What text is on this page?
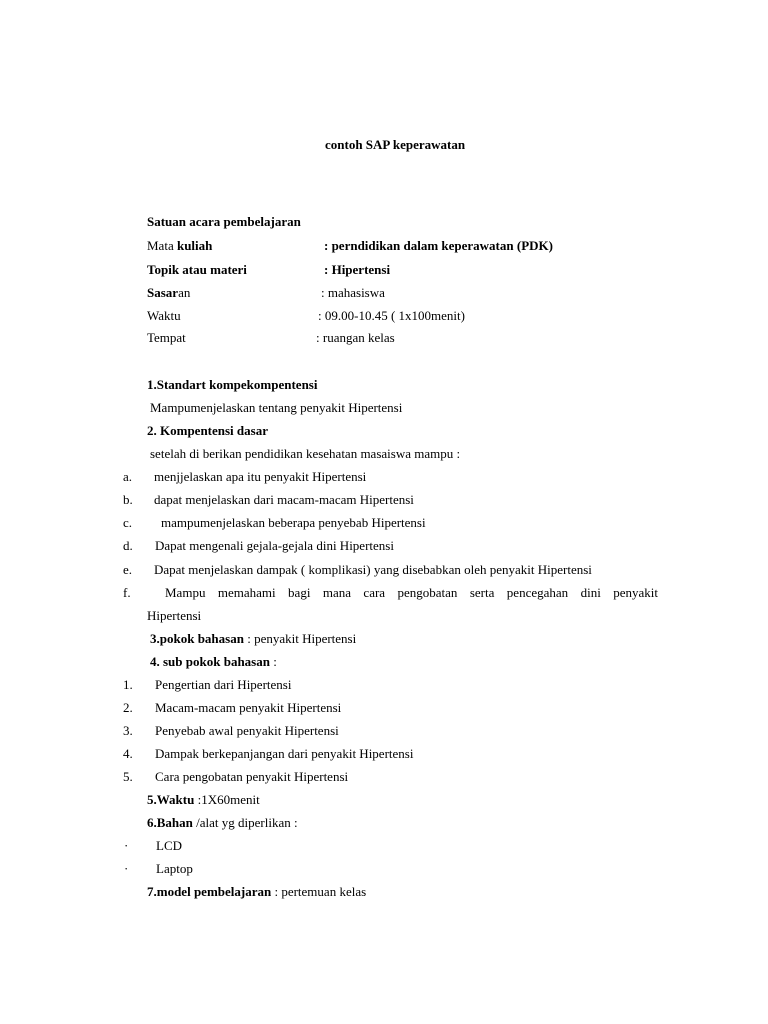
contoh SAP keperawatan
Satuan acara pembelajaran
Mata kuliah	: perndidikan dalam keperawatan (PDK)
Topik atau materi	: Hipertensi
Sasaran	: mahasiswa
Waktu	: 09.00-10.45 ( 1x100menit)
Tempat	: ruangan kelas
1.Standart kompekompentensi
Mampumenjelaskan tentang penyakit Hipertensi
2. Kompentensi dasar
setelah di berikan pendidikan kesehatan masaiswa mampu :
a. menjjelaskan apa itu penyakit Hipertensi
b. dapat menjelaskan dari macam-macam Hipertensi
c. mampumenjelaskan beberapa penyebab Hipertensi
d. Dapat mengenali gejala-gejala dini Hipertensi
e. Dapat menjelaskan dampak ( komplikasi) yang disebabkan oleh penyakit Hipertensi
f.	Mampu memahami bagi mana cara pengobatan serta pencegahan dini penyakit
Hipertensi
3.pokok bahasan : penyakit Hipertensi
4. sub pokok bahasan :
1. Pengertian dari Hipertensi
2. Macam-macam penyakit Hipertensi
3. Penyebab awal penyakit Hipertensi
4. Dampak berkepanjangan dari penyakit Hipertensi
5. Cara pengobatan penyakit Hipertensi
5.Waktu :1X60menit
6.Bahan /alat yg diperlikan :
· LCD
· Laptop
7.model pembelajaran : pertemuan kelas
